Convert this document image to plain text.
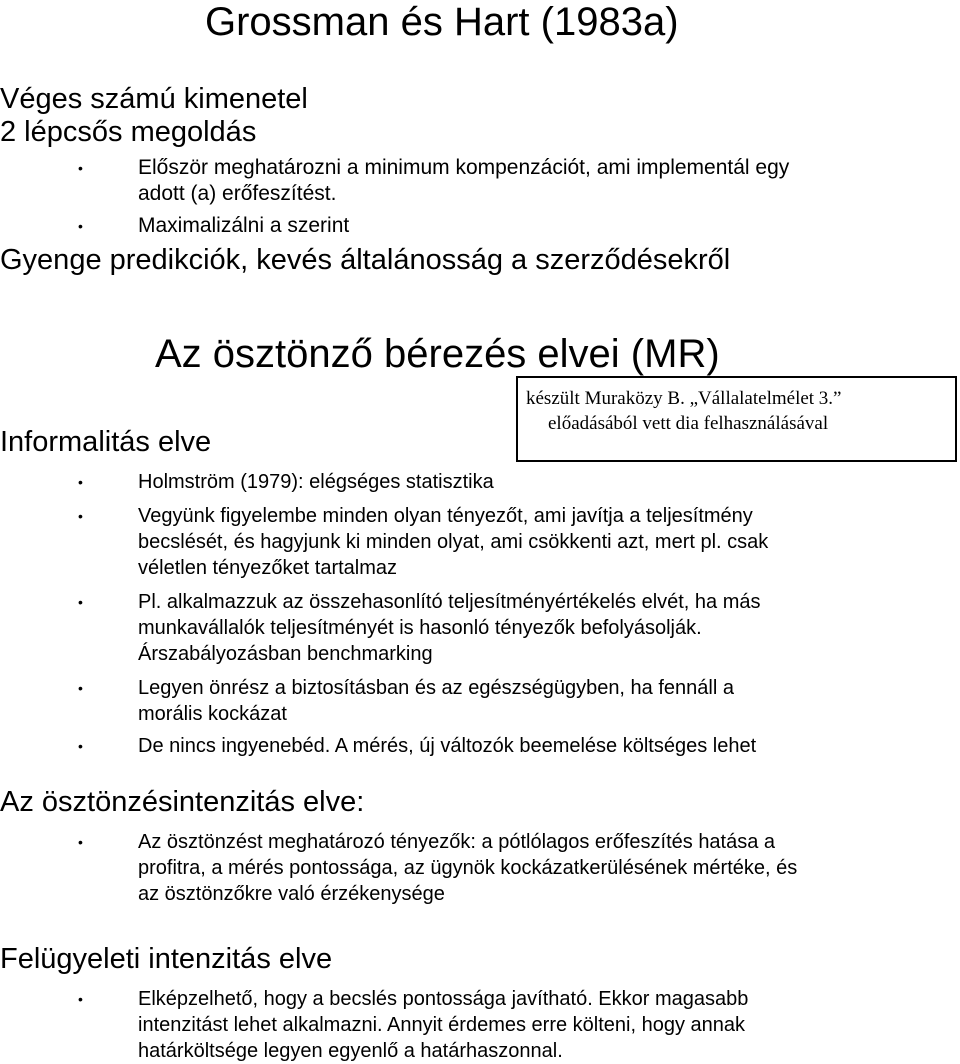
Grossman és Hart (1983a)
Véges számú kimenetel
2 lépcsős megoldás
•	Először meghatározni a minimum kompenzációt, ami implementál egy
adott (a) erőfeszítést.
•	Maximalizálni a szerint
Gyenge predikciók, kevés általánosság a szerződésekről
Az ösztönző bérezés elvei (MR)
készült Muraközy B. „Vállalatelmélet 3.”
előadásából vett dia felhasználásával
Informalitás elve
•	Holmström (1979): elégséges statisztika
•	Vegyünk figyelembe minden olyan tényezőt, ami javítja a teljesítmény
becslését, és hagyjunk ki minden olyat, ami csökkenti azt, mert pl. csak
véletlen tényezőket tartalmaz
•	Pl. alkalmazzuk az összehasonlító teljesítményértékelés elvét, ha más
munkavállalók teljesítményét is hasonló tényezők befolyásolják.
Árszabályozásban benchmarking
•	Legyen önrész a biztosításban és az egészségügyben, ha fennáll a
morális kockázat
•	De nincs ingyenebéd. A mérés, új változók beemelése költséges lehet
Az ösztönzésintenzitás elve:
•	Az ösztönzést meghatározó tényezők: a pótlólagos erőfeszítés hatása a
profitra, a mérés pontossága, az ügynök kockázatkerülésének mértéke, és
az ösztönzőkre való érzékenysége
Felügyeleti intenzitás elve
•	Elképzelhető, hogy a becslés pontossága javítható. Ekkor magasabb
intenzitást lehet alkalmazni. Annyit érdemes erre költeni, hogy annak
határköltsége legyen egyenlő a határhaszonnal.
